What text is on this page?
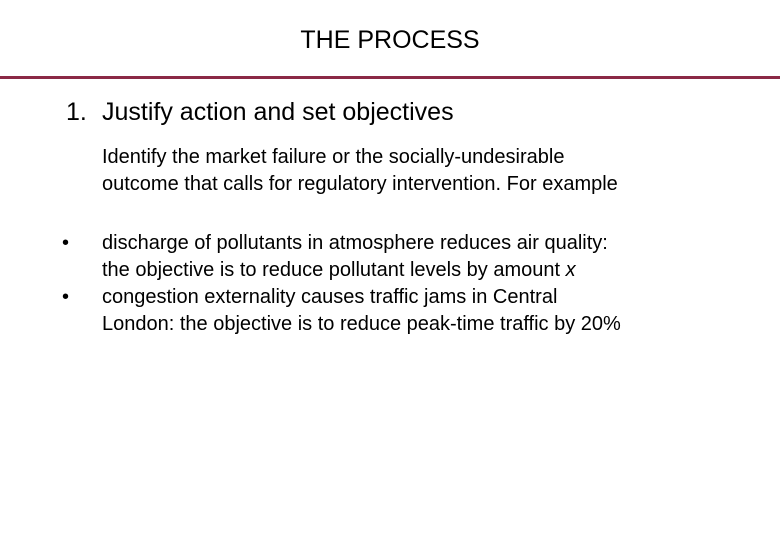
THE PROCESS
1. Justify action and set objectives
Identify the market failure or the socially-undesirable
outcome that calls for regulatory intervention. For example
•	discharge of pollutants in atmosphere reduces air quality:
the objective is to reduce pollutant levels by amount x
•	congestion externality causes traffic jams in Central
London: the objective is to reduce peak-time traffic by 20%
